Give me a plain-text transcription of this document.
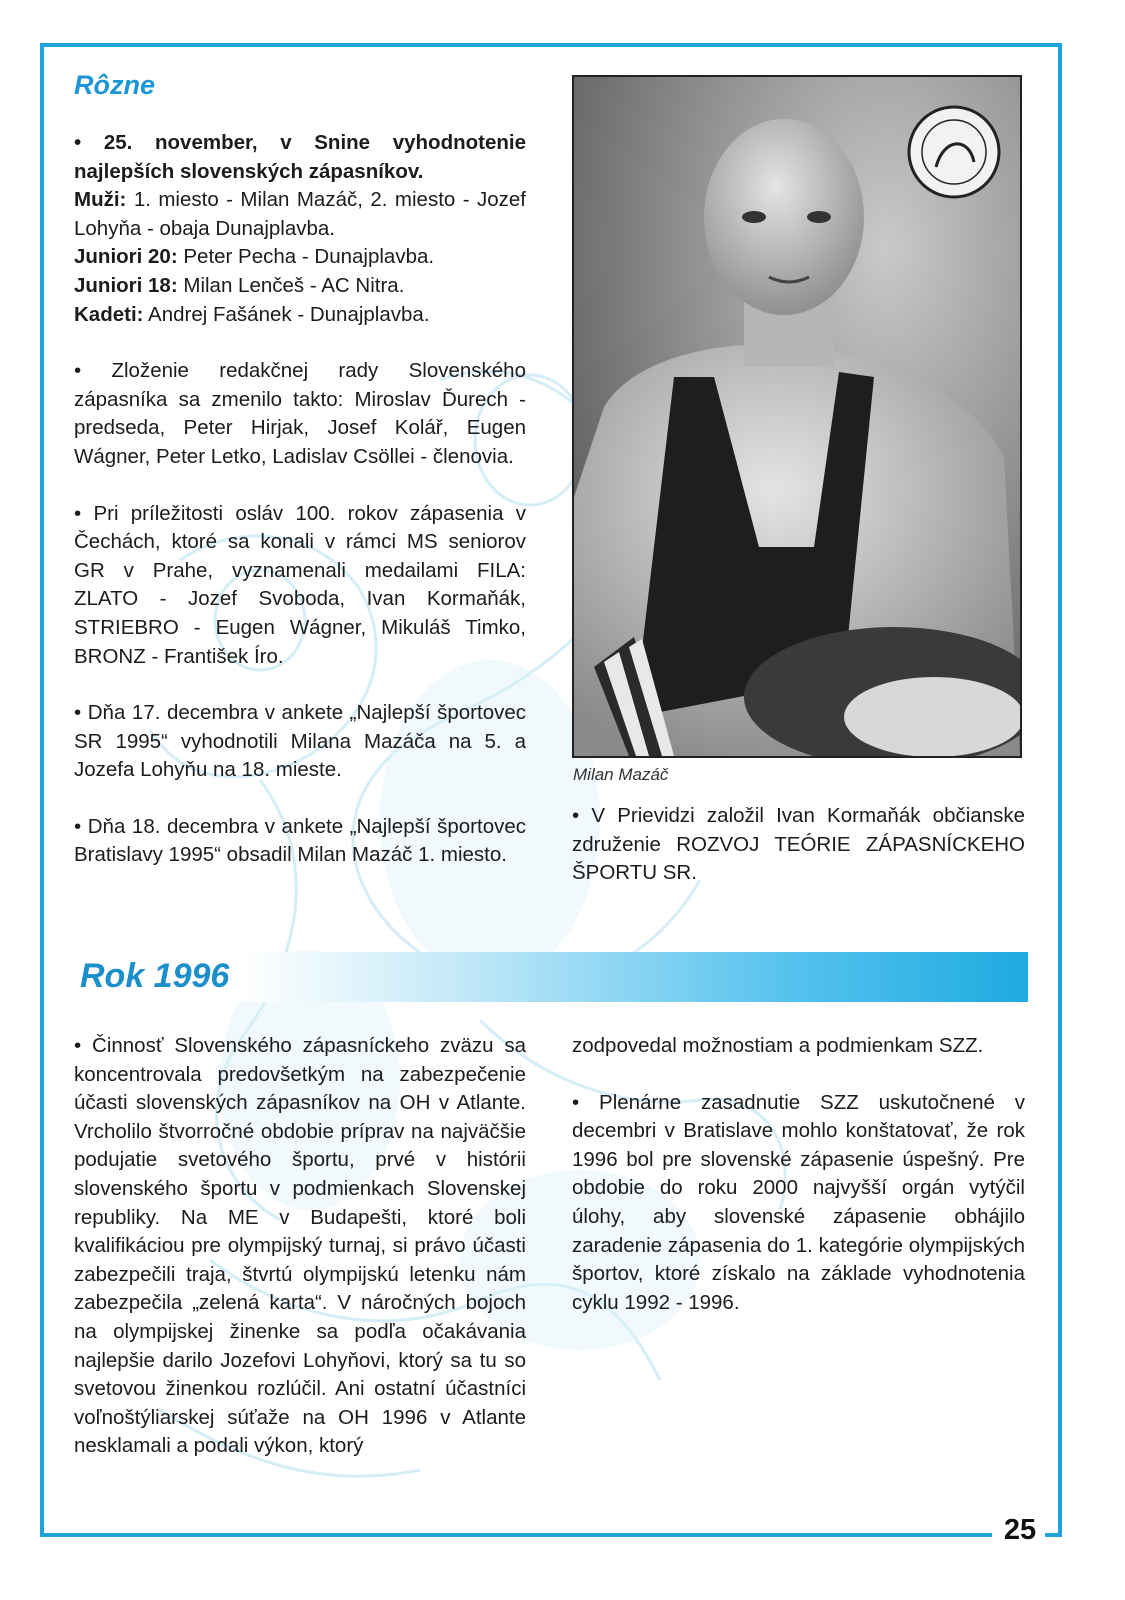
25
Rôzne

• 25. november, v Snine vyhodnotenie najlepších slovenských zápasníkov.
Muži: 1. miesto - Milan Mazáč, 2. miesto - Jozef Lohyňa - obaja Dunajplavba.
Juniori 20: Peter Pecha - Dunajplavba.
Juniori 18: Milan Lenčeš - AC Nitra.
Kadeti: Andrej Fašánek - Dunajplavba.

• Zloženie redakčnej rady Slovenského zápasníka sa zmenilo takto: Miroslav Ďurech - predseda, Peter Hirjak, Josef Kolář, Eugen Wágner, Peter Letko, Ladislav Csöllei - členovia.

• Pri príležitosti osláv 100. rokov zápasenia v Čechách, ktoré sa konali v rámci MS seniorov GR v Prahe, vyznamenali medailami FILA: ZLATO - Jozef Svoboda, Ivan Kormaňák, STRIEBRO - Eugen Wágner, Mikuláš Timko, BRONZ - František Íro.

• Dňa 17. decembra v ankete „Najlepší športovec SR 1995“ vyhodnotili Milana Mazáča na 5. a Jozefa Lohyňu na 18. mieste.

• Dňa 18. decembra v ankete „Najlepší športovec Bratislavy 1995“ obsadil Milan Mazáč 1. miesto.

Milan Mazáč

• V Prievidzi založil Ivan Kormaňák občianske združenie ROZVOJ TEÓRIE ZÁPASNÍCKEHO ŠPORTU SR.

Rok 1996

• Činnosť Slovenského zápasníckeho zväzu sa koncentrovala predovšetkým na zabezpečenie účasti slovenských zápasníkov na OH v Atlante. Vrcholilo štvorročné obdobie príprav na najväčšie podujatie svetového športu, prvé v histórii slovenského športu v podmienkach Slovenskej republiky. Na ME v Budapešti, ktoré boli kvalifikáciou pre olympijský turnaj, si právo účasti zabezpečili traja, štvrtú olympijskú letenku nám zabezpečila „zelená karta“. V náročných bojoch na olympijskej žinenke sa podľa očakávania najlepšie darilo Jozefovi Lohyňovi, ktorý sa tu so svetovou žinenkou rozlúčil. Ani ostatní účastníci voľnoštýliarskej súťaže na OH 1996 v Atlante nesklamali a podali výkon, ktorý

zodpovedal možnostiam a podmienkam SZZ.

• Plenárne zasadnutie SZZ uskutočnené v decembri v Bratislave mohlo konštatovať, že rok 1996 bol pre slovenské zápasenie úspešný. Pre obdobie do roku 2000 najvyšší orgán vytýčil úlohy, aby slovenské zápasenie obhájilo zaradenie zápasenia do 1. kategórie olympijských športov, ktoré získalo na základe vyhodnotenia cyklu 1992 - 1996.
